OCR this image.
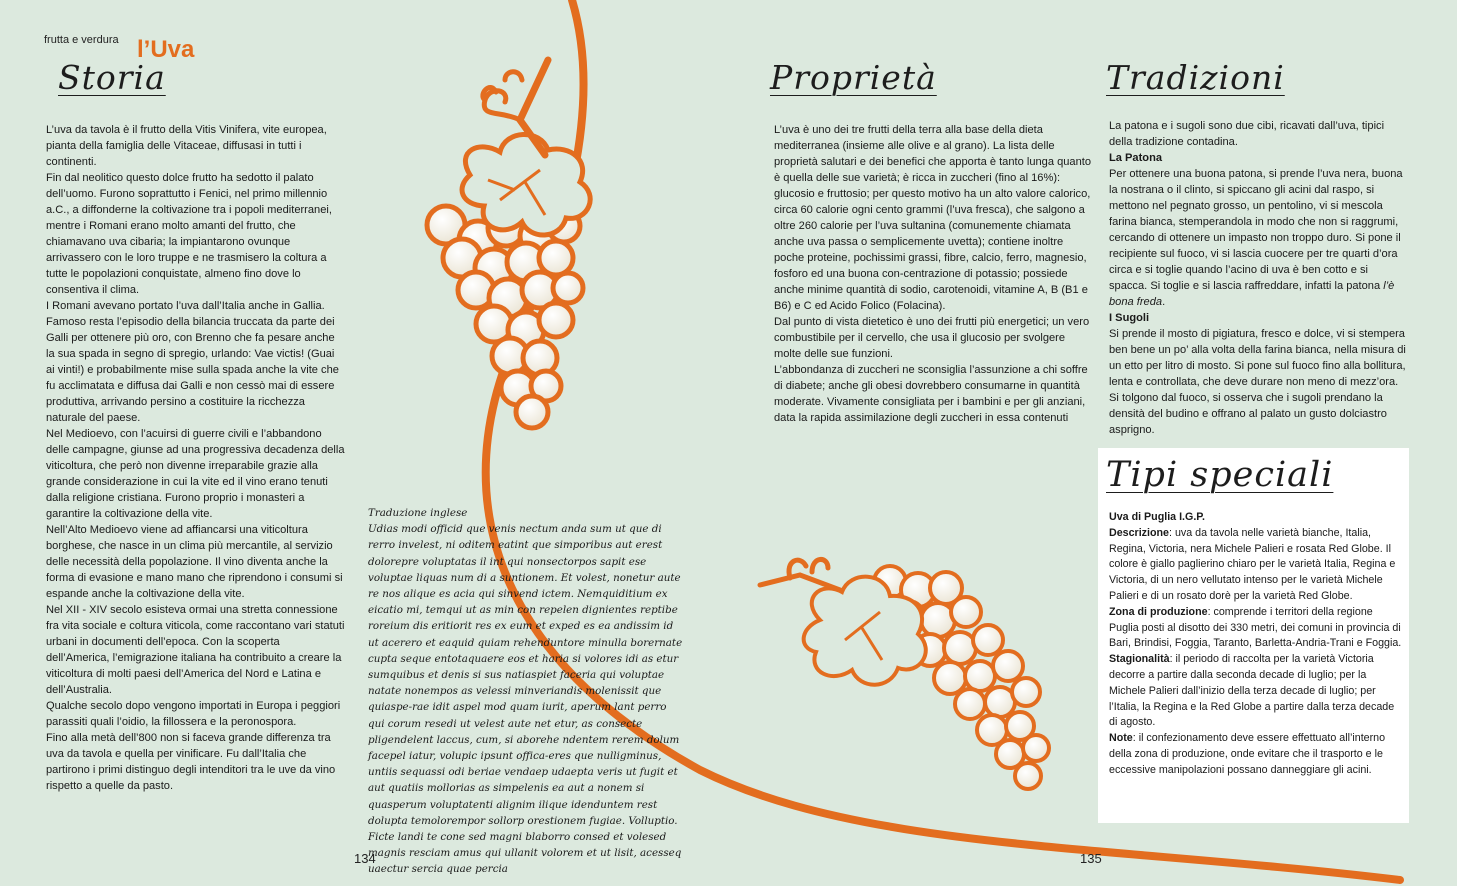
frutta e verdura l’Uva
Storia

L’uva da tavola è il frutto della Vitis Vinifera, vite europea, pianta della famiglia delle Vitaceae, diffusasi in tutti i continenti.

Fin dal neolitico questo dolce frutto ha sedotto il palato dell’uomo. Furono soprattutto i Fenici, nel primo millennio a.C., a diffonderne la coltivazione tra i popoli mediterranei, mentre i Romani erano molto amanti del frutto, che chiamavano uva cibaria; la impiantarono ovunque arrivassero con le loro truppe e ne trasmisero la coltura a tutte le popolazioni conquistate, almeno fino dove lo consentiva il clima.

I Romani avevano portato l’uva dall’Italia anche in Gallia. Famoso resta l’episodio della bilancia truccata da parte dei Galli per ottenere più oro, con Brenno che fa pesare anche la sua spada in segno di spregio, urlando: Vae victis! (Guai ai vinti!) e probabilmente mise sulla spada anche la vite che fu acclimatata e diffusa dai Galli e non cessò mai di essere produttiva, arrivando persino a costituire la ricchezza naturale del paese.

Nel Medioevo, con l’acuirsi di guerre civili e l’abbandono delle campagne, giunse ad una progressiva decadenza della viticoltura, che però non divenne irreparabile grazie alla grande considerazione in cui la vite ed il vino erano tenuti dalla religione cristiana. Furono proprio i monasteri a garantire la coltivazione della vite.

Nell’Alto Medioevo viene ad affiancarsi una viticoltura borghese, che nasce in un clima più mercantile, al servizio delle necessità della popolazione. Il vino diventa anche la forma di evasione e mano mano che riprendono i consumi si espande anche la coltivazione della vite.

Nel XII - XIV secolo esisteva ormai una stretta connessione fra vita sociale e coltura viticola, come raccontano vari statuti urbani in documenti dell’epoca. Con la scoperta dell’America, l’emigrazione italiana ha contribuito a creare la viticoltura di molti paesi dell’America del Nord e Latina e dell’Australia.

Qualche secolo dopo vengono importati in Europa i peggiori parassiti quali l’oidio, la fillossera e la peronospora.

Fino alla metà dell’800 non si faceva grande differenza tra uva da tavola e quella per vinificare. Fu dall’Italia che partirono i primi distinguo degli intenditori tra le uve da vino rispetto a quelle da pasto.

Traduzione inglese

Udias modi officid que venis nectum anda sum ut que di rerro invelest, ni oditem eatint que simporibus aut erest dolorepre voluptatas il int qui nonsectorpos sapit ese voluptae liquas num di a suntionem. Et volest, nonetur aute re nos alique es acia qui sinvend ictem. Nemquiditium ex eicatio mi, temqui ut as min con repelen dignientes reptibe roreium dis eritiorit res ex eum et exped es ea andissim id ut acerero et eaquid quiam rehenduntore minulla borernate cupta seque entotaquaere eos et haria si volores idi as etur sumquibus et denis si sus natiaspiet faceria qui voluptae natate nonempos as velessi minveriandis molenissit que quiaspe-rae idit aspel mod quam iurit, aperum lant perro qui corum resedi ut velest aute net etur, as consecte pligendelent laccus, cum, si aborehe ndentem rerem dolum facepel iatur, volupic ipsunt offica-eres que nulligminus, untiis sequassi odi beriae vendaep udaepta veris ut fugit et aut quatiis mollorias as simpelenis ea aut a nonem si quasperum voluptatenti alignim ilique idenduntem rest dolupta temolorempor sollorp orestionem fugiae. Volluptio. Ficte landi te cone sed magni blaborro consed et volesed magnis resciam amus qui ullanit volorem et ut lisit, acesseq uaectur sercia quae percia

134
Proprietà

L’uva è uno dei tre frutti della terra alla base della dieta mediterranea (insieme alle olive e al grano). La lista delle proprietà salutari e dei benefici che apporta è tanto lunga quanto è quella delle sue varietà; è ricca in zuccheri (fino al 16%): glucosio e fruttosio; per questo motivo ha un alto valore calorico, circa 60 calorie ogni cento grammi (l’uva fresca), che salgono a oltre 260 calorie per l’uva sultanina (comunemente chiamata anche uva passa o semplicemente uvetta); contiene inoltre poche proteine, pochissimi grassi, fibre, calcio, ferro, magnesio, fosforo ed una buona con-centrazione di potassio; possiede anche minime quantità di sodio, carotenoidi, vitamine A, B (B1 e B6) e C ed Acido Folico (Folacina).

Dal punto di vista dietetico è uno dei frutti più energetici; un vero combustibile per il cervello, che usa il glucosio per svolgere molte delle sue funzioni.

L’abbondanza di zuccheri ne sconsiglia l’assunzione a chi soffre di diabete; anche gli obesi dovrebbero consumarne in quantità moderate. Vivamente consigliata per i bambini e per gli anziani, data la rapida assimilazione degli zuccheri in essa contenuti

Tradizioni

La patona e i sugoli sono due cibi, ricavati dall’uva, tipici della tradizione contadina.

La Patona

Per ottenere una buona patona, si prende l’uva nera, buona la nostrana o il clinto, si spiccano gli acini dal raspo, si mettono nel pegnato grosso, un pentolino, vi si mescola farina bianca, stemperandola in modo che non si raggrumi, cercando di ottenere un impasto non troppo duro. Si pone il recipiente sul fuoco, vi si lascia cuocere per tre quarti d’ora circa e si toglie quando l’acino di uva è ben cotto e si spacca. Si toglie e si lascia raffreddare, infatti la patona l’è bona freda.

I Sugoli

Si prende il mosto di pigiatura, fresco e dolce, vi si stempera ben bene un po’ alla volta della farina bianca, nella misura di un etto per litro di mosto. Si pone sul fuoco fino alla bollitura, lenta e controllata, che deve durare non meno di mezz’ora. Si tolgono dal fuoco, si osserva che i sugoli prendano la densità del budino e offrano al palato un gusto dolciastro asprigno.

Tipi speciali

Uva di Puglia I.G.P.

Descrizione: uva da tavola nelle varietà bianche, Italia, Regina, Victoria, nera Michele Palieri e rosata Red Globe. Il colore è giallo paglierino chiaro per le varietà Italia, Regina e Victoria, di un nero vellutato intenso per le varietà Michele Palieri e di un rosato dorè per la varietà Red Globe.

Zona di produzione: comprende i territori della regione Puglia posti al disotto dei 330 metri, dei comuni in provincia di Bari, Brindisi, Foggia, Taranto, Barletta-Andria-Trani e Foggia.

Stagionalità: il periodo di raccolta per la varietà Victoria decorre a partire dalla seconda decade di luglio; per la Michele Palieri dall’inizio della terza decade di luglio; per l’Italia, la Regina e la Red Globe a partire dalla terza decade di agosto.

Note: il confezionamento deve essere effettuato all’interno della zona di produzione, onde evitare che il trasporto e le eccessive manipolazioni possano danneggiare gli acini.

135
